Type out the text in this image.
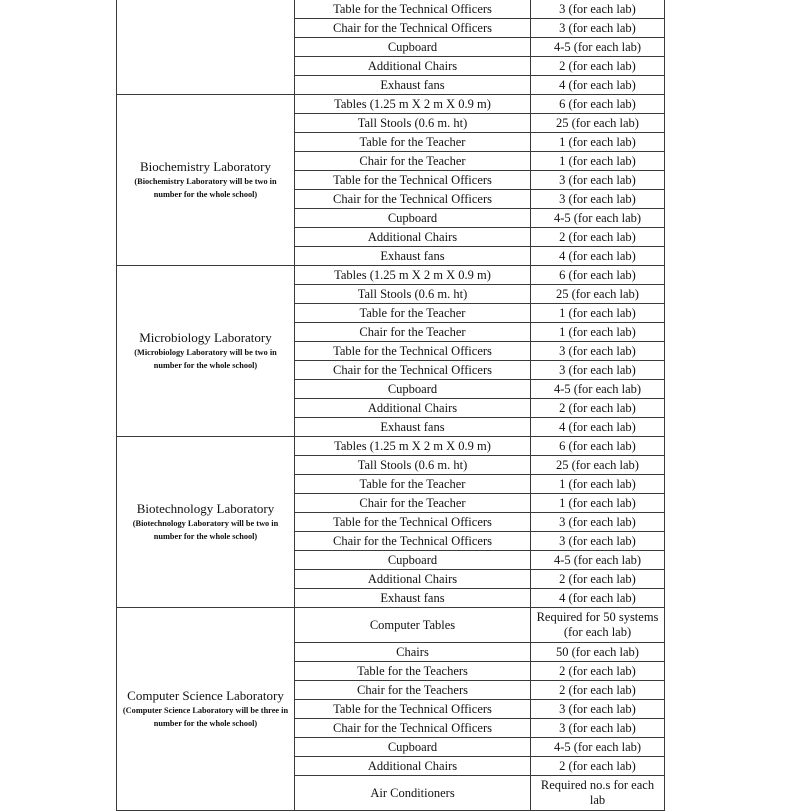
	Table for the Technical Officers	3 (for each lab)
	Chair for the Technical Officers	3 (for each lab)
	Cupboard	4-5 (for each lab)
	Additional Chairs	2 (for each lab)
	Exhaust fans	4 (for each lab)

Biochemistry Laboratory
(Biochemistry Laboratory will be two in number for the whole school)	Tables (1.25 m X 2 m X 0.9 m)	6 (for each lab)
	Tall Stools (0.6 m. ht)	25 (for each lab)
	Table for the Teacher	1 (for each lab)
	Chair for the Teacher	1 (for each lab)
	Table for the Technical Officers	3 (for each lab)
	Chair for the Technical Officers	3 (for each lab)
	Cupboard	4-5 (for each lab)
	Additional Chairs	2 (for each lab)
	Exhaust fans	4 (for each lab)

Microbiology Laboratory
(Microbiology Laboratory will be two in number for the whole school)	Tables (1.25 m X 2 m X 0.9 m)	6 (for each lab)
	Tall Stools (0.6 m. ht)	25 (for each lab)
	Table for the Teacher	1 (for each lab)
	Chair for the Teacher	1 (for each lab)
	Table for the Technical Officers	3 (for each lab)
	Chair for the Technical Officers	3 (for each lab)
	Cupboard	4-5 (for each lab)
	Additional Chairs	2 (for each lab)
	Exhaust fans	4 (for each lab)

Biotechnology Laboratory
(Biotechnology Laboratory will be two in number for the whole school)	Tables (1.25 m X 2 m X 0.9 m)	6 (for each lab)
	Tall Stools (0.6 m. ht)	25 (for each lab)
	Table for the Teacher	1 (for each lab)
	Chair for the Teacher	1 (for each lab)
	Table for the Technical Officers	3 (for each lab)
	Chair for the Technical Officers	3 (for each lab)
	Cupboard	4-5 (for each lab)
	Additional Chairs	2 (for each lab)
	Exhaust fans	4 (for each lab)

Computer Science Laboratory
(Computer Science Laboratory will be three in number for the whole school)	Computer Tables	Required for 50 systems (for each lab)
	Chairs	50 (for each lab)
	Table for the Teachers	2 (for each lab)
	Chair for the Teachers	2 (for each lab)
	Table for the Technical Officers	3 (for each lab)
	Chair for the Technical Officers	3 (for each lab)
	Cupboard	4-5 (for each lab)
	Additional Chairs	2 (for each lab)
	Air Conditioners	Required no.s for each lab
